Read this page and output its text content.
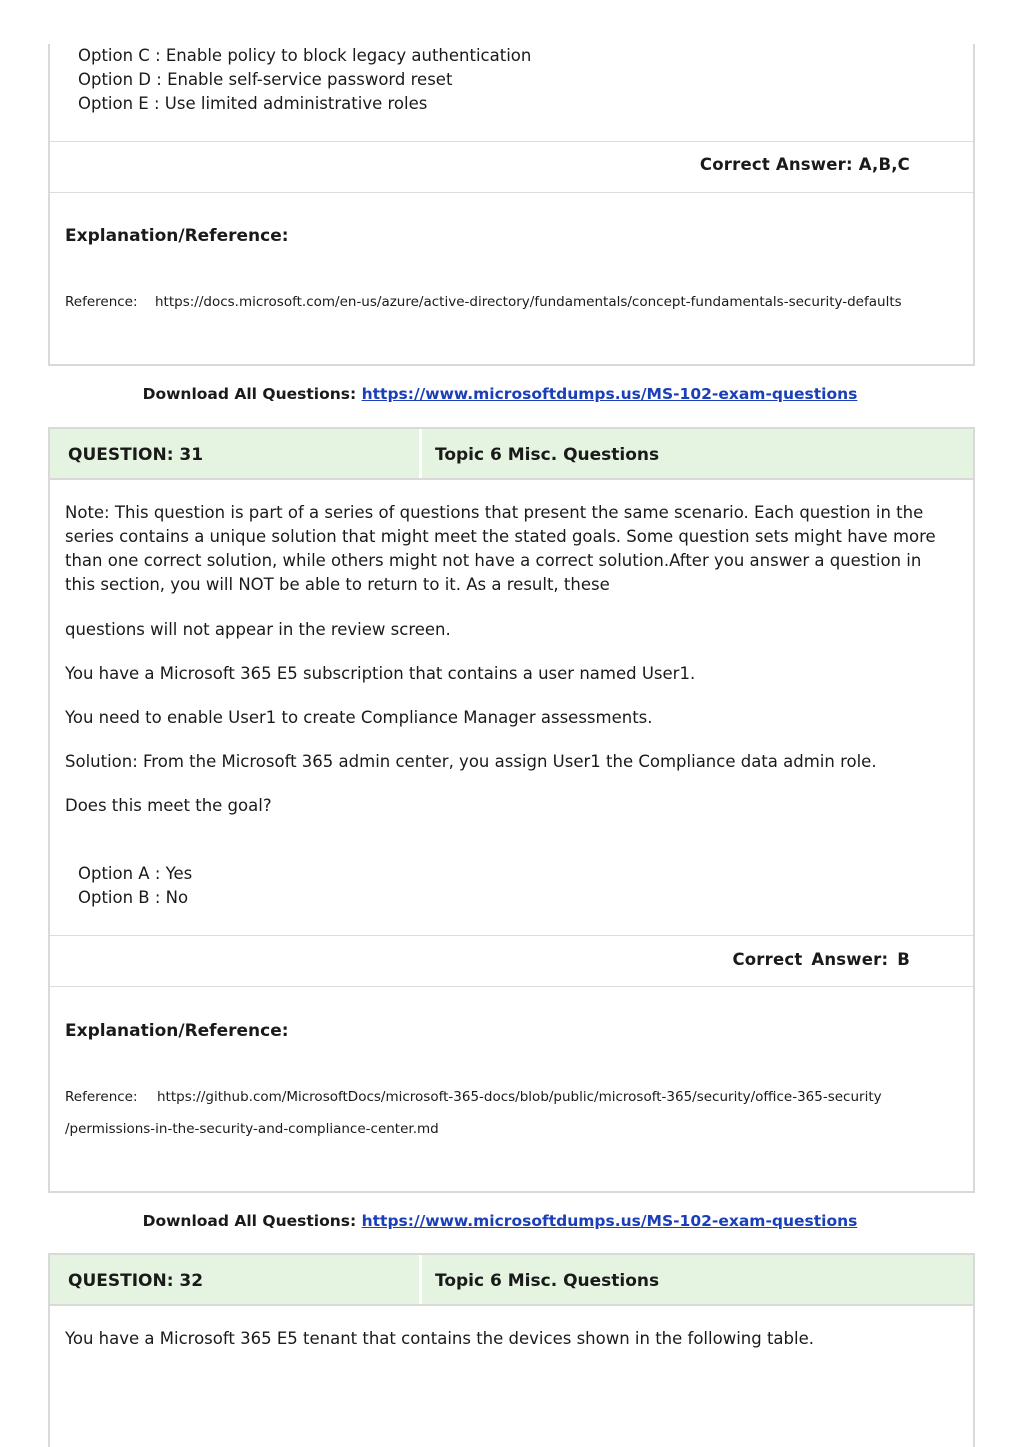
Option C : Enable policy to block legacy authentication
Option D : Enable self-service password reset
Option E : Use limited administrative roles
Correct Answer: A,B,C
Explanation/Reference:
Reference: https://docs.microsoft.com/en-us/azure/active-directory/fundamentals/concept-fundamentals-security-defaults
Download All Questions: https://www.microsoftdumps.us/MS-102-exam-questions
QUESTION: 31	Topic 6 Misc. Questions
Note: This question is part of a series of questions that present the same scenario. Each question in the series contains a unique solution that might meet the stated goals. Some question sets might have more than one correct solution, while others might not have a correct solution.After you answer a question in this section, you will NOT be able to return to it. As a result, these
questions will not appear in the review screen.
You have a Microsoft 365 E5 subscription that contains a user named User1.
You need to enable User1 to create Compliance Manager assessments.
Solution: From the Microsoft 365 admin center, you assign User1 the Compliance data admin role.
Does this meet the goal?
Option A : Yes
Option B : No
Correct Answer: B
Explanation/Reference:
Reference: https://github.com/MicrosoftDocs/microsoft-365-docs/blob/public/microsoft-365/security/office-365-security
/permissions-in-the-security-and-compliance-center.md
Download All Questions: https://www.microsoftdumps.us/MS-102-exam-questions
QUESTION: 32	Topic 6 Misc. Questions
You have a Microsoft 365 E5 tenant that contains the devices shown in the following table.
